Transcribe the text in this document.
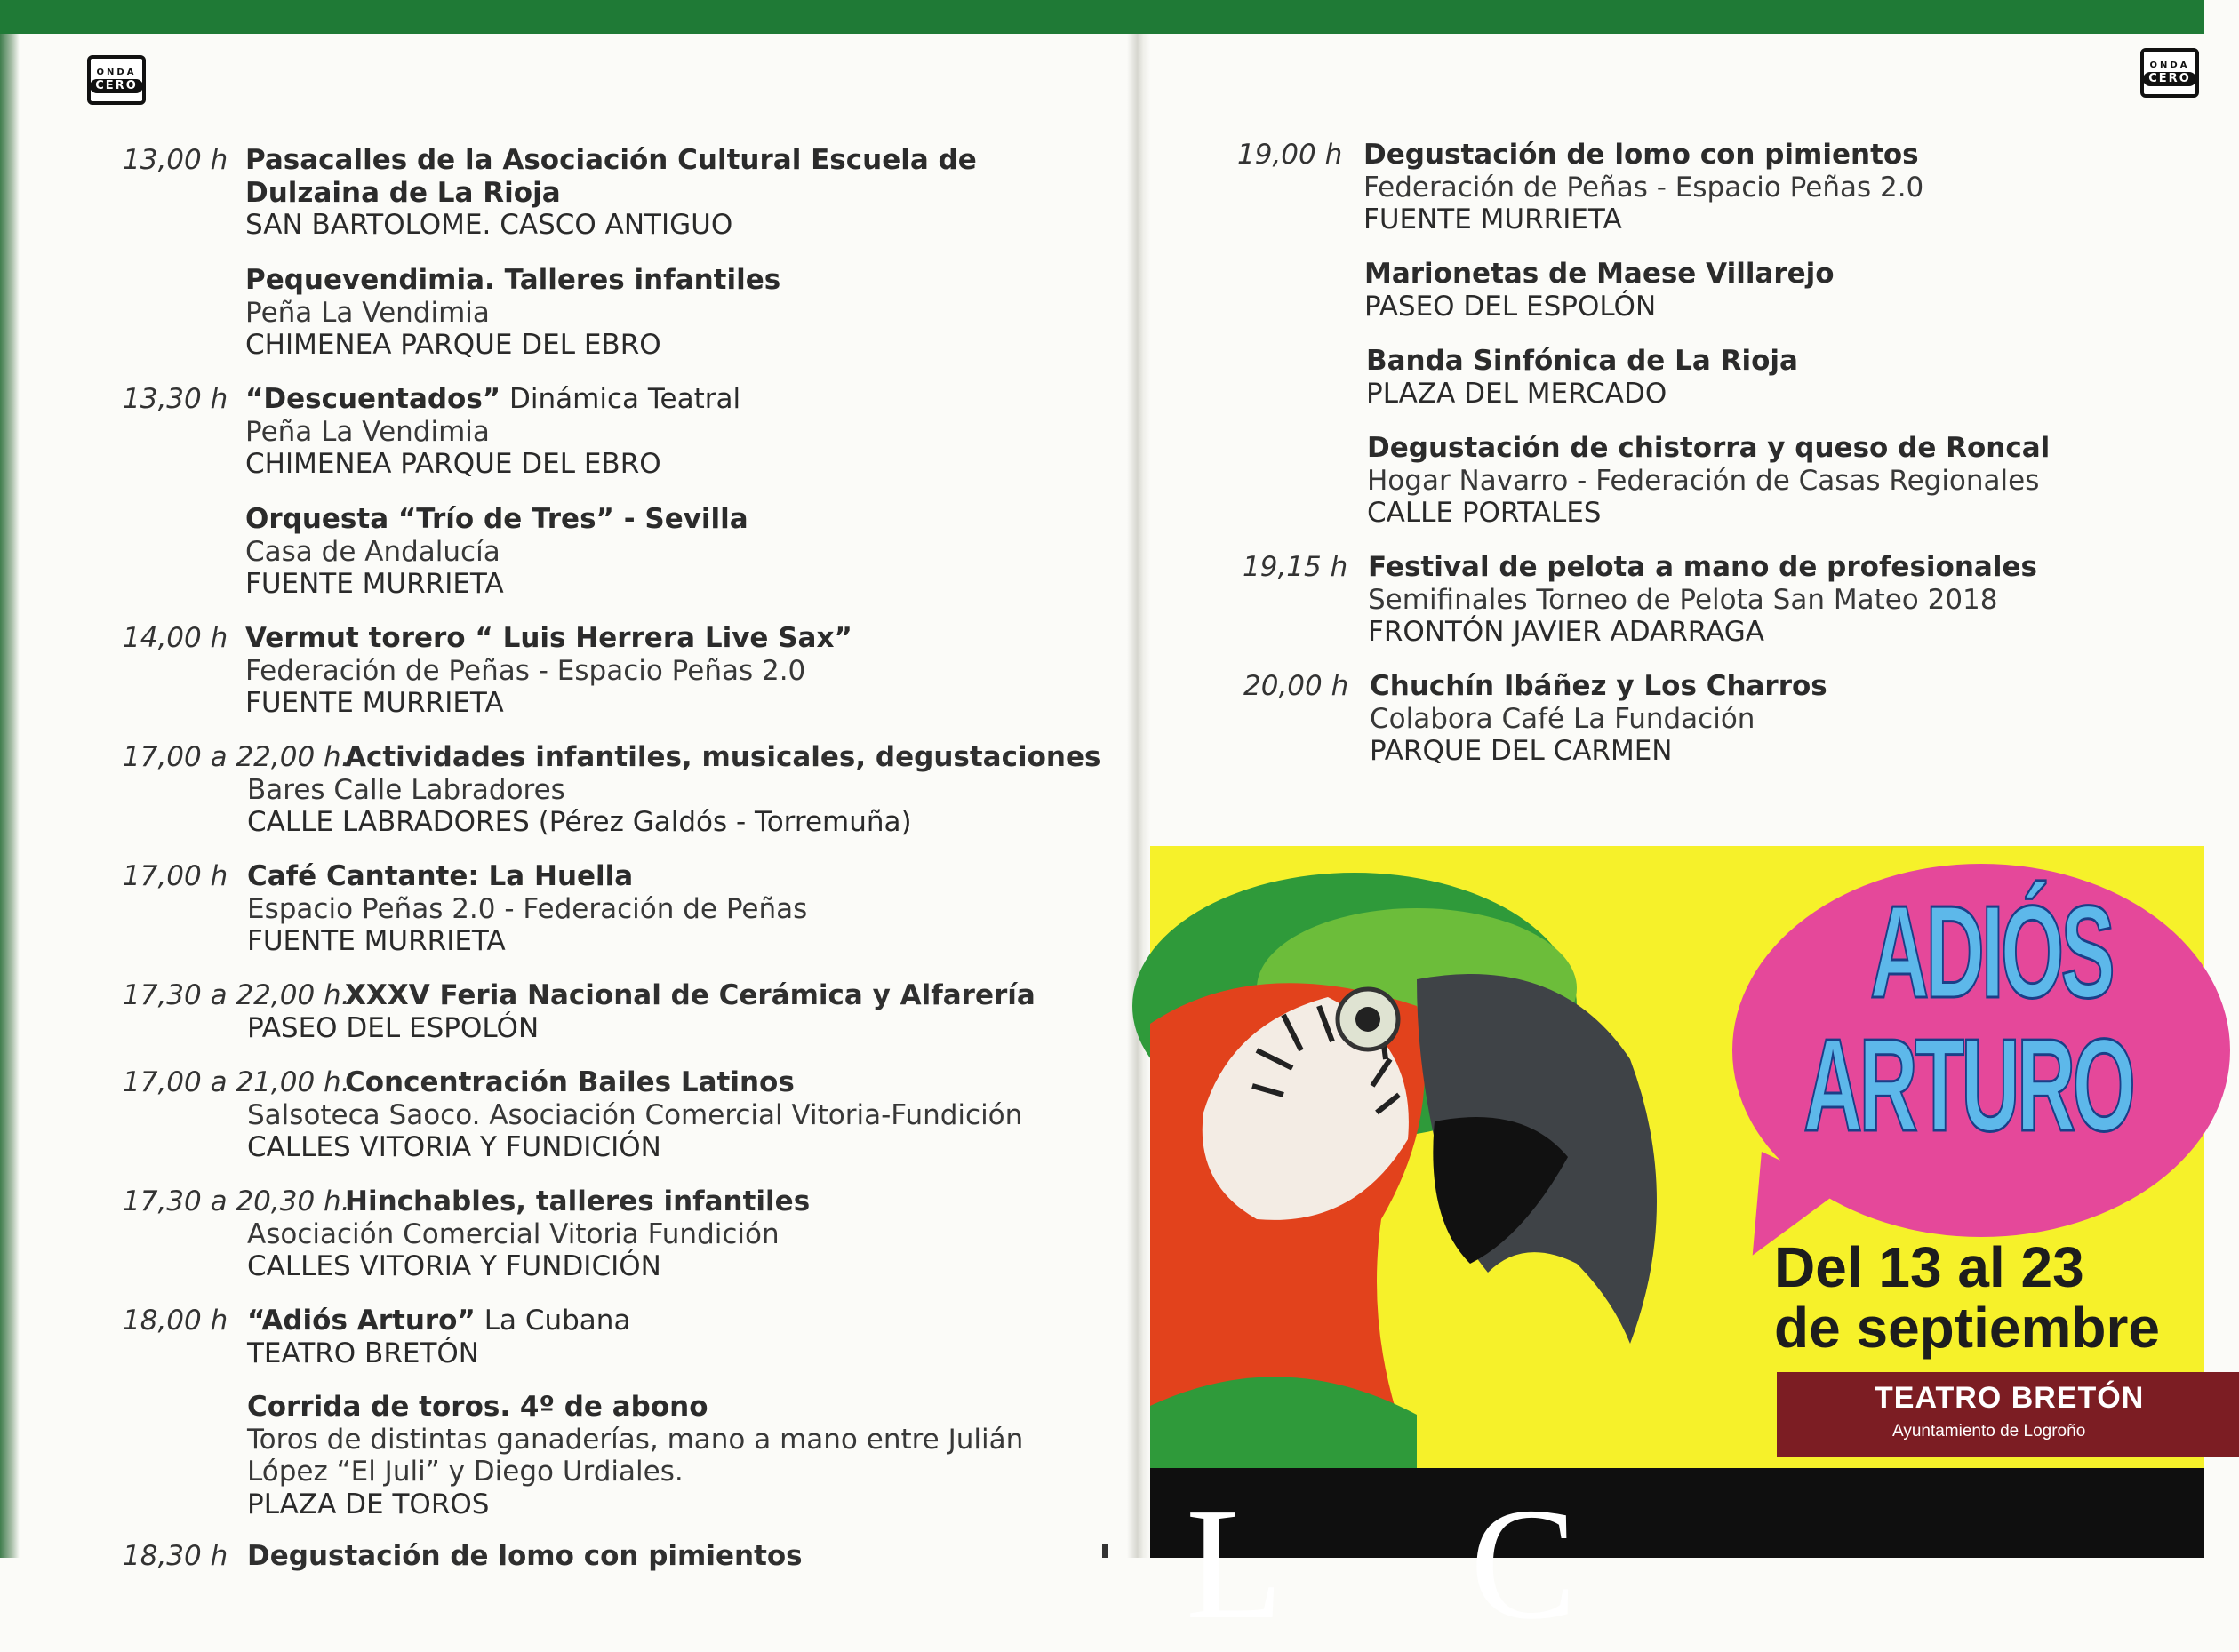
ONDA
CERO
ONDA
CERO
13,00 h Pasacalles de la Asociación Cultural Escuela de
Dulzaina de La Rioja
SAN BARTOLOME. CASCO ANTIGUO
Pequevendimia. Talleres infantiles
Peña La Vendimia
CHIMENEA PARQUE DEL EBRO
13,30 h “Descuentados” Dinámica Teatral
Peña La Vendimia
CHIMENEA PARQUE DEL EBRO
Orquesta “Trío de Tres” - Sevilla
Casa de Andalucía
FUENTE MURRIETA
14,00 h Vermut torero “ Luis Herrera Live Sax”
Federación de Peñas - Espacio Peñas 2.0
FUENTE MURRIETA
17,00 a 22,00 h.
Actividades infantiles, musicales, degustaciones
Bares Calle Labradores
CALLE LABRADORES (Pérez Galdós - Torremuña)
17,00 h Café Cantante: La Huella
Espacio Peñas 2.0 - Federación de Peñas
FUENTE MURRIETA
17,30 a 22,00 h.
XXXV Feria Nacional de Cerámica y Alfarería
PASEO DEL ESPOLÓN
17,00 a 21,00 h.
Concentración Bailes Latinos
Salsoteca Saoco. Asociación Comercial Vitoria-Fundición
CALLES VITORIA Y FUNDICIÓN
17,30 a 20,30 h.
Hinchables, talleres infantiles
Asociación Comercial Vitoria Fundición
CALLES VITORIA Y FUNDICIÓN
18,00 h “Adiós Arturo” La Cubana
TEATRO BRETÓN
Corrida de toros. 4º de abono
Toros de distintas ganaderías, mano a mano entre Julián
López “El Juli” y Diego Urdiales.
PLAZA DE TOROS
18,30 h Degustación de lomo con pimientos
19,00 h Degustación de lomo con pimientos
Federación de Peñas - Espacio Peñas 2.0
FUENTE MURRIETA
Marionetas de Maese Villarejo
PASEO DEL ESPOLÓN
Banda Sinfónica de La Rioja
PLAZA DEL MERCADO
Degustación de chistorra y queso de Roncal
Hogar Navarro - Federación de Casas Regionales
CALLE PORTALES
19,15 h Festival de pelota a mano de profesionales
Semifinales Torneo de Pelota San Mateo 2018
FRONTÓN JAVIER ADARRAGA
20,00 h Chuchín Ibáñez y Los Charros
Colabora Café La Fundación
PARQUE DEL CARMEN
ADIÓS
ARTURO
Del 13 al 23
de septiembre
TEATRO BRETÓN
Ayuntamiento de Logroño
L C
